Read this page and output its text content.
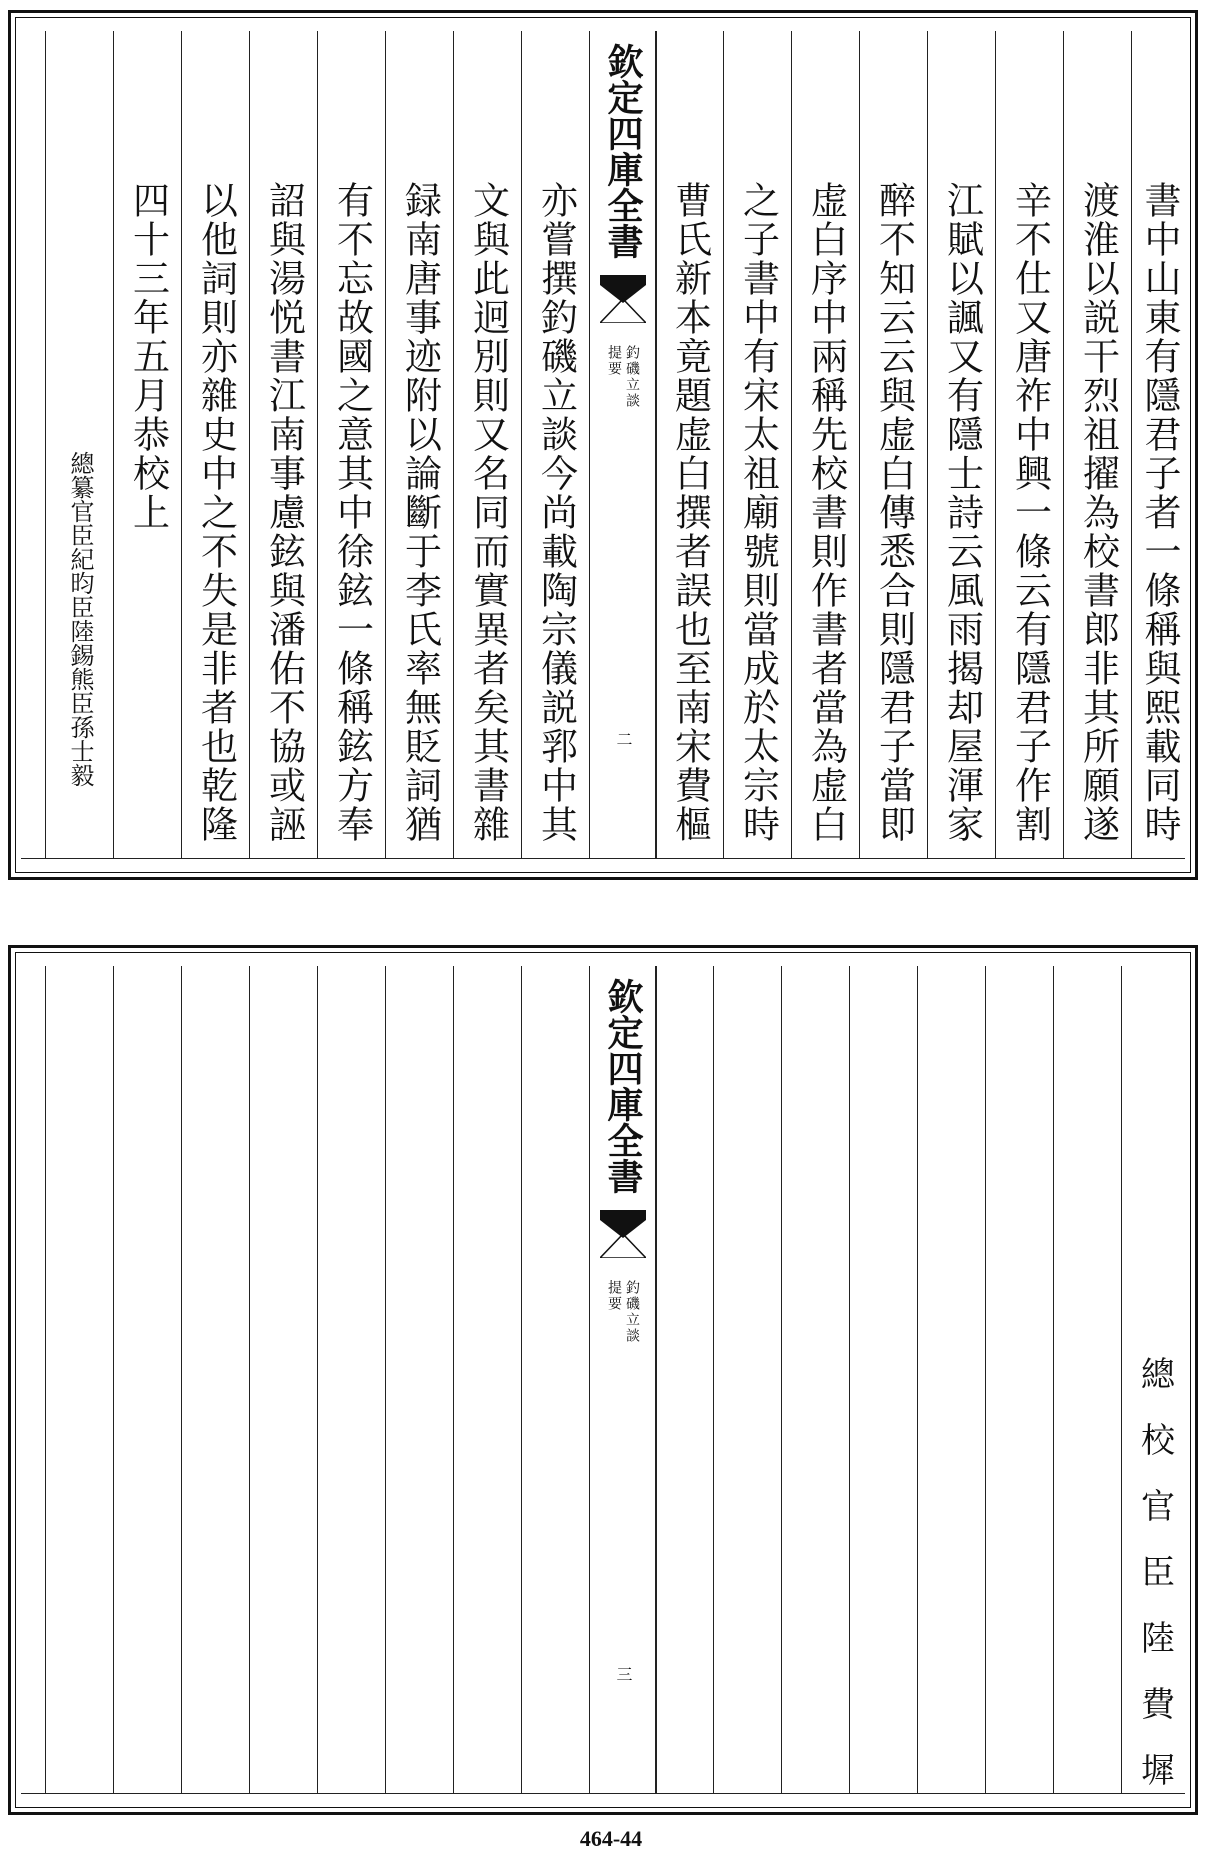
書中山東有隱君子者一條稱與熙載同時
渡淮以説干烈祖擢為校書郎非其所願遂
辛不仕又唐祚中興一條云有隱君子作割
江賦以諷又有隱士詩云風雨揭却屋渾家
醉不知云云與虚白傳悉合則隱君子當即
虚白序中兩稱先校書則作書者當為虚白
之子書中有宋太祖廟號則當成於太宗時
曹氏新本竟題虚白撰者誤也至南宋費樞
欽定四庫全書
釣磯立談
提要
二
亦嘗撰釣磯立談今尚載陶宗儀説郛中其
文與此迥別則又名同而實異者矣其書雜
録南唐事迹附以論斷于李氏率無貶詞猶
有不忘故國之意其中徐鉉一條稱鉉方奉
詔與湯悦書江南事慮鉉與潘佑不協或誣
以他詞則亦雜史中之不失是非者也乾隆
四十三年五月恭校上
總纂官臣紀昀臣陸錫熊臣孫士毅
總校官臣陸費墀
欽定四庫全書
釣磯立談
提要
三
464-44
